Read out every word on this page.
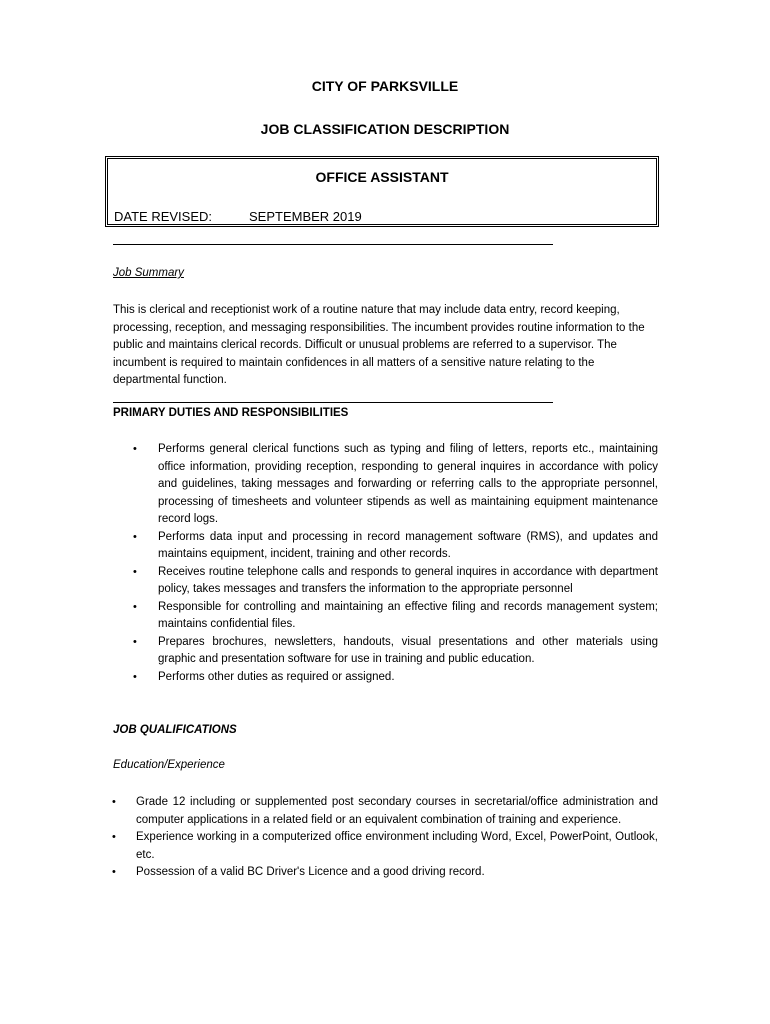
CITY OF PARKSVILLE
JOB CLASSIFICATION DESCRIPTION
OFFICE ASSISTANT
DATE REVISED:	SEPTEMBER 2019
Job Summary

This is clerical and receptionist work of a routine nature that may include data entry, record keeping, processing, reception, and messaging responsibilities. The incumbent provides routine information to the public and maintains clerical records. Difficult or unusual problems are referred to a supervisor. The incumbent is required to maintain confidences in all matters of a sensitive nature relating to the departmental function.

PRIMARY DUTIES AND RESPONSIBILITIES
• Performs general clerical functions such as typing and filing of letters, reports etc., maintaining office information, providing reception, responding to general inquires in accordance with policy and guidelines, taking messages and forwarding or referring calls to the appropriate personnel, processing of timesheets and volunteer stipends as well as maintaining equipment maintenance record logs.
• Performs data input and processing in record management software (RMS), and updates and maintains equipment, incident, training and other records.
• Receives routine telephone calls and responds to general inquires in accordance with department policy, takes messages and transfers the information to the appropriate personnel
• Responsible for controlling and maintaining an effective filing and records management system; maintains confidential files.
• Prepares brochures, newsletters, handouts, visual presentations and other materials using graphic and presentation software for use in training and public education.
• Performs other duties as required or assigned.
JOB QUALIFICATIONS
Education/Experience
• Grade 12 including or supplemented post secondary courses in secretarial/office administration and computer applications in a related field or an equivalent combination of training and experience.
• Experience working in a computerized office environment including Word, Excel, PowerPoint, Outlook, etc.
• Possession of a valid BC Driver's Licence and a good driving record.
